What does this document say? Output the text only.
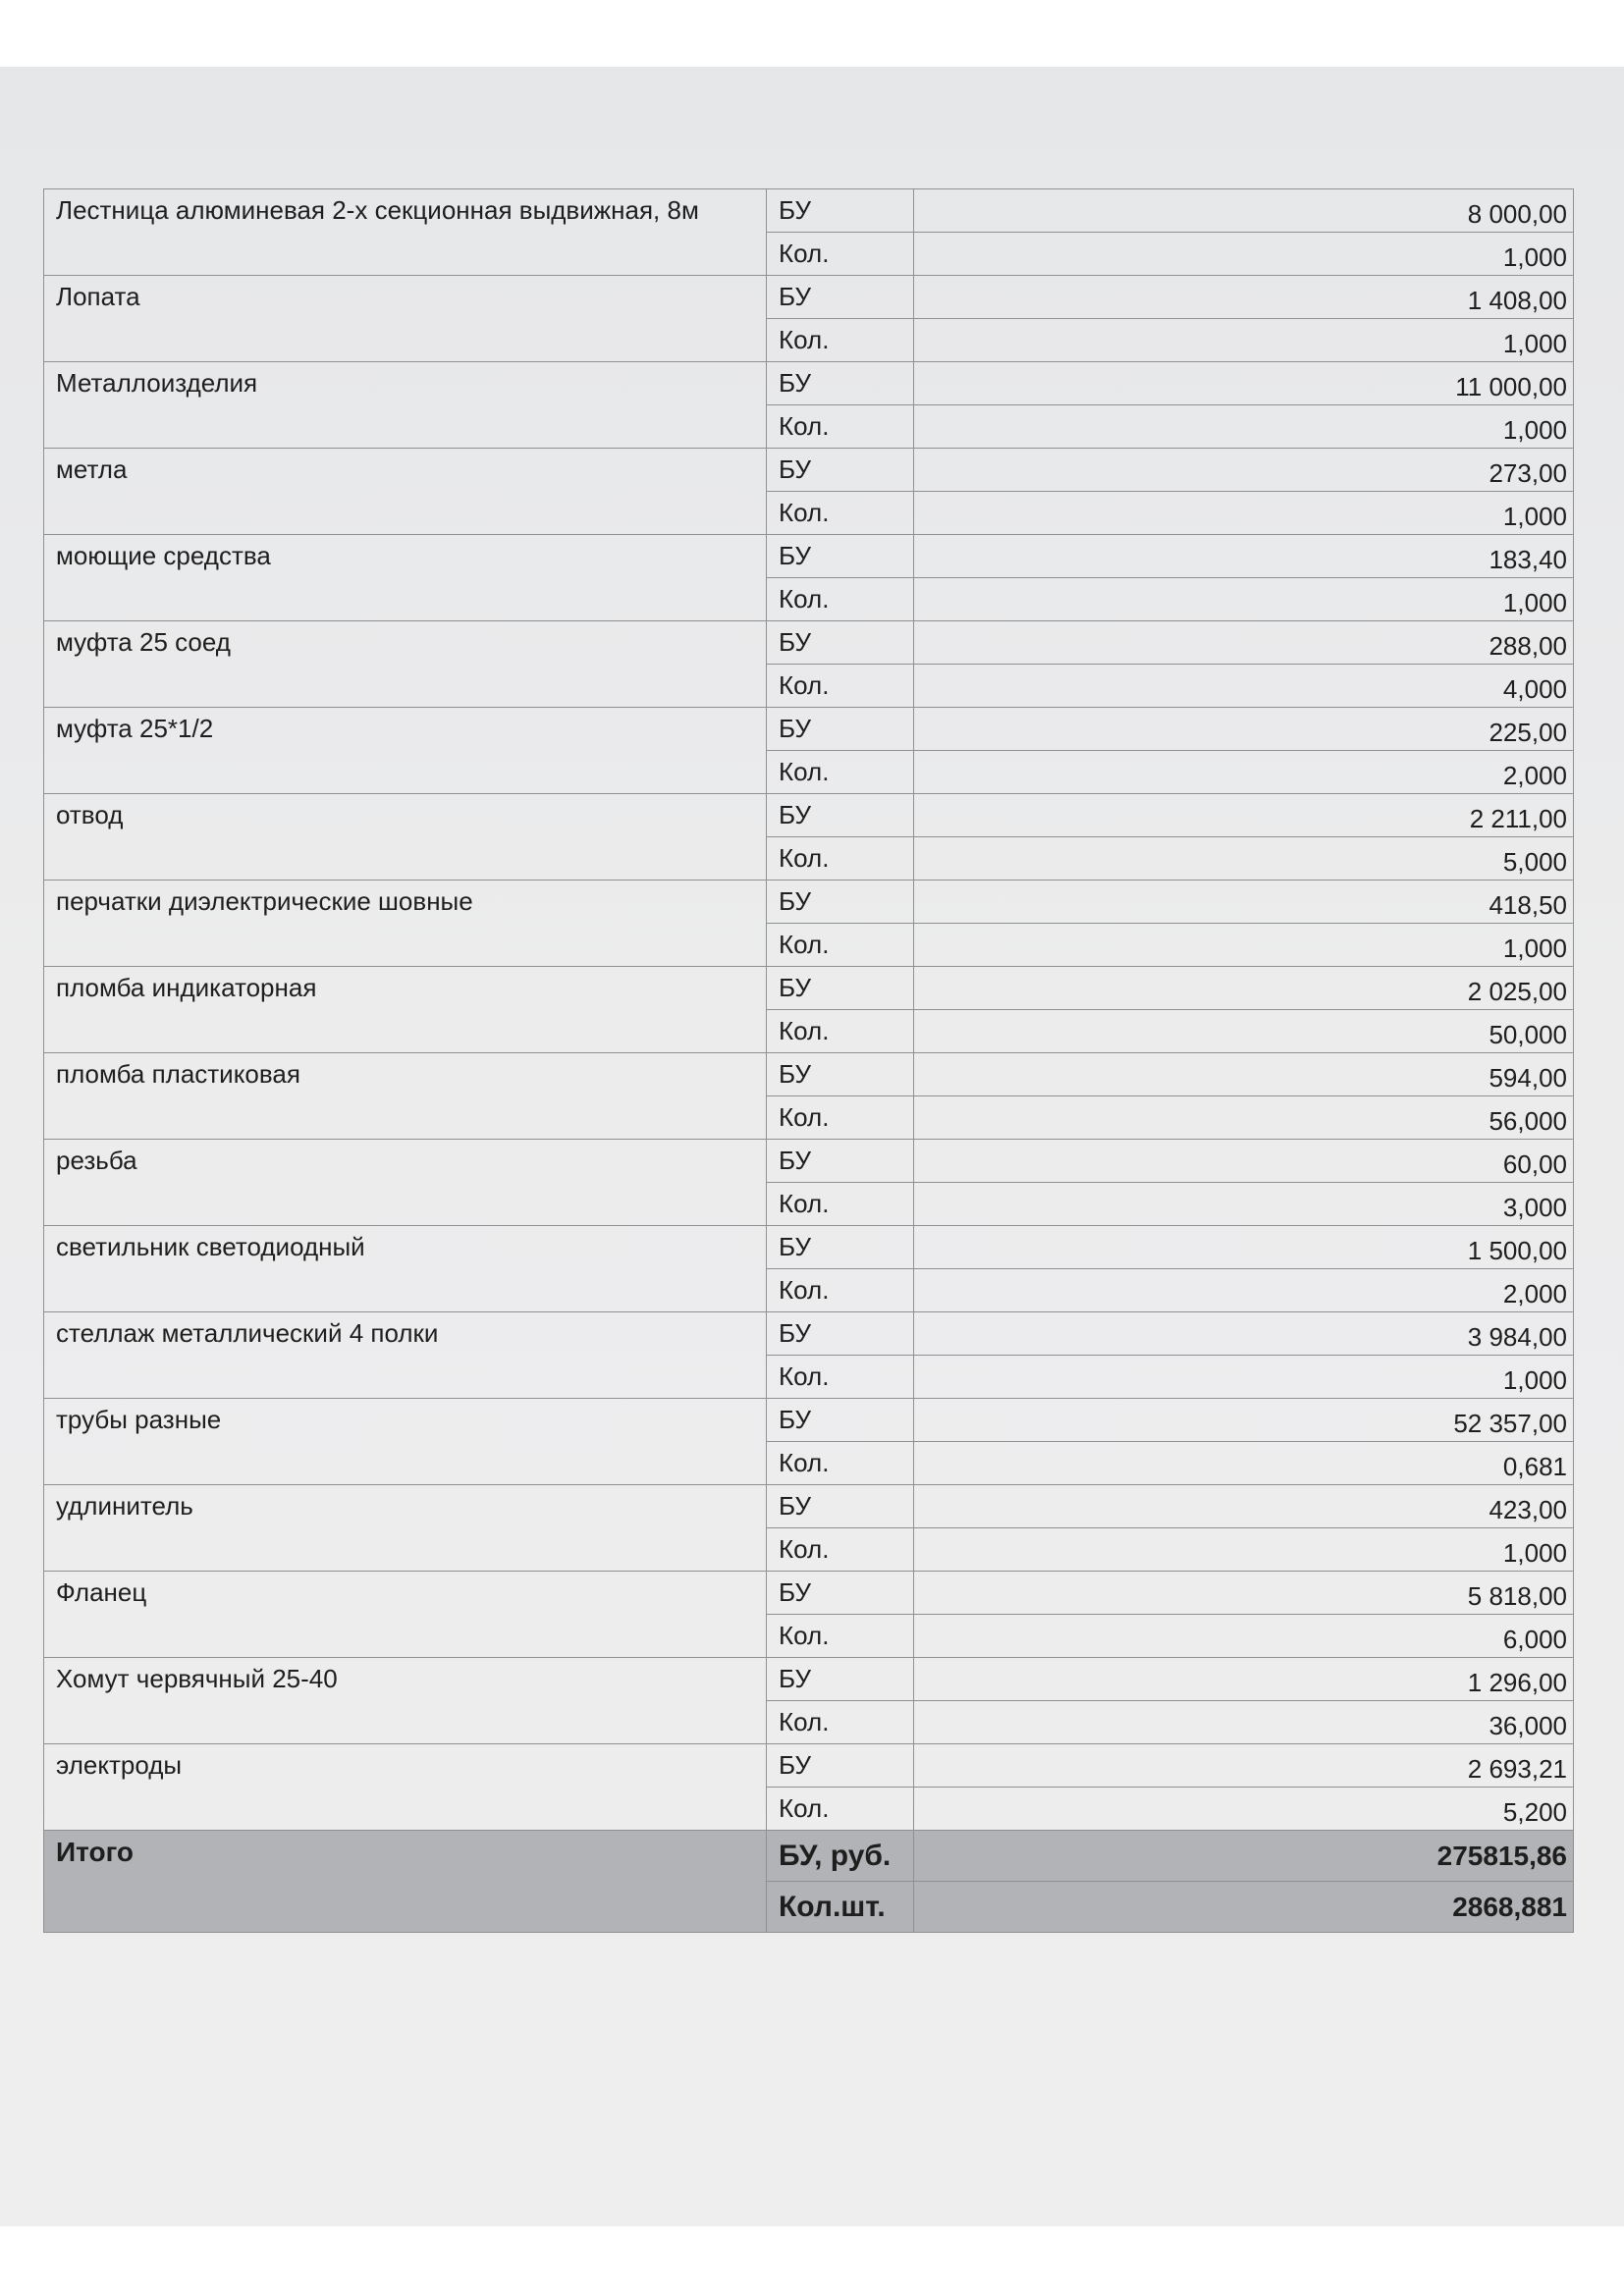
Лестница алюминевая 2-х секционная выдвижная, 8м	БУ	8 000,00
	Кол.	1,000
Лопата	БУ	1 408,00
	Кол.	1,000
Металлоизделия	БУ	11 000,00
	Кол.	1,000
метла	БУ	273,00
	Кол.	1,000
моющие средства	БУ	183,40
	Кол.	1,000
муфта 25 соед	БУ	288,00
	Кол.	4,000
муфта 25*1/2	БУ	225,00
	Кол.	2,000
отвод	БУ	2 211,00
	Кол.	5,000
перчатки диэлектрические шовные	БУ	418,50
	Кол.	1,000
пломба индикаторная	БУ	2 025,00
	Кол.	50,000
пломба пластиковая	БУ	594,00
	Кол.	56,000
резьба	БУ	60,00
	Кол.	3,000
светильник светодиодный	БУ	1 500,00
	Кол.	2,000
стеллаж металлический 4 полки	БУ	3 984,00
	Кол.	1,000
трубы разные	БУ	52 357,00
	Кол.	0,681
удлинитель	БУ	423,00
	Кол.	1,000
Фланец	БУ	5 818,00
	Кол.	6,000
Хомут червячный 25-40	БУ	1 296,00
	Кол.	36,000
электроды	БУ	2 693,21
	Кол.	5,200
Итого	БУ, руб.	275815,86
	Кол.шт.	2868,881
